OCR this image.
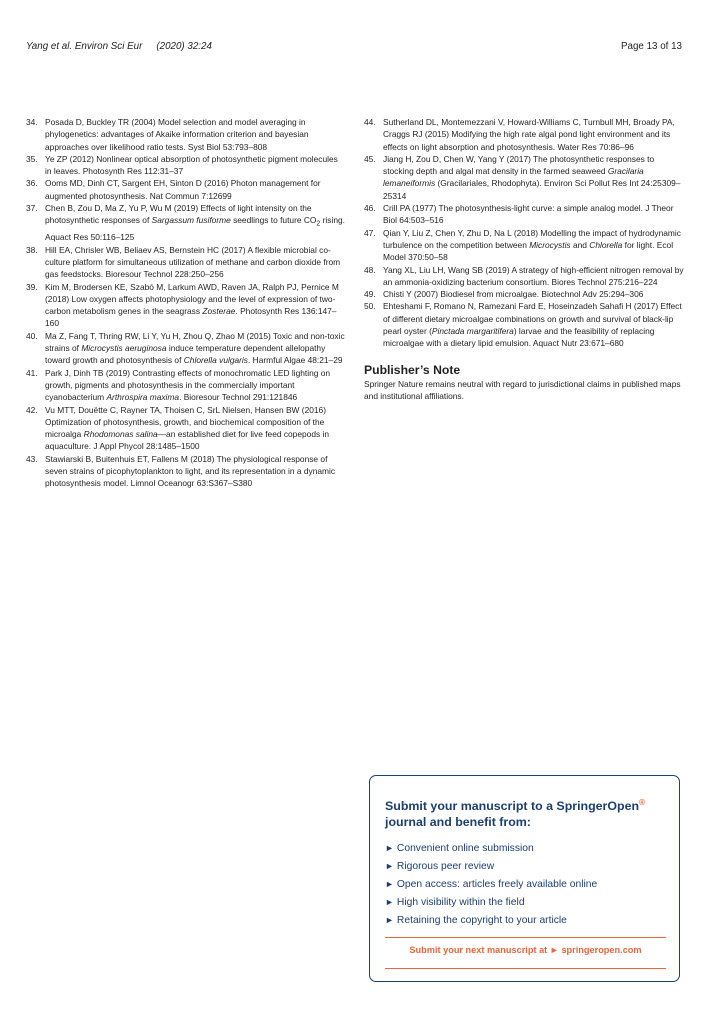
Yang et al. Environ Sci Eur (2020) 32:24	Page 13 of 13
34. Posada D, Buckley TR (2004) Model selection and model averaging in phylogenetics: advantages of Akaike information criterion and bayesian approaches over likelihood ratio tests. Syst Biol 53:793–808
35. Ye ZP (2012) Nonlinear optical absorption of photosynthetic pigment molecules in leaves. Photosynth Res 112:31–37
36. Ooms MD, Dinh CT, Sargent EH, Sinton D (2016) Photon management for augmented photosynthesis. Nat Commun 7:12699
37. Chen B, Zou D, Ma Z, Yu P, Wu M (2019) Effects of light intensity on the photosynthetic responses of Sargassum fusiforme seedlings to future $CO_2$ rising. Aquact Res 50:116–125
38. Hill EA, Chrisler WB, Beliaev AS, Bernstein HC (2017) A flexible microbial co-culture platform for simultaneous utilization of methane and carbon dioxide from gas feedstocks. Bioresour Technol 228:250–256
39. Kim M, Brodersen KE, Szabó M, Larkum AWD, Raven JA, Ralph PJ, Pernice M (2018) Low oxygen affects photophysiology and the level of expression of two-carbon metabolism genes in the seagrass Zosterae. Photosynth Res 136:147–160
40. Ma Z, Fang T, Thring RW, Li Y, Yu H, Zhou Q, Zhao M (2015) Toxic and non-toxic strains of Microcystis aeruginosa induce temperature dependent allelopathy toward growth and photosynthesis of Chlorella vulgaris. Harmful Algae 48:21–29
41. Park J, Dinh TB (2019) Contrasting effects of monochromatic LED lighting on growth, pigments and photosynthesis in the commercially important cyanobacterium Arthrospira maxima. Bioresour Technol 291:121846
42. Vu MTT, Douëtte C, Rayner TA, Thoisen C, SrL Nielsen, Hansen BW (2016) Optimization of photosynthesis, growth, and biochemical composition of the microalga Rhodomonas salina—an established diet for live feed copepods in aquaculture. J Appl Phycol 28:1485–1500
43. Stawiarski B, Buitenhuis ET, Fallens M (2018) The physiological response of seven strains of picophytoplankton to light, and its representation in a dynamic photosynthesis model. Limnol Oceanogr 63:S367–S380
44. Sutherland DL, Montemezzani V, Howard-Williams C, Turnbull MH, Broady PA, Craggs RJ (2015) Modifying the high rate algal pond light environment and its effects on light absorption and photosynthesis. Water Res 70:86–96
45. Jiang H, Zou D, Chen W, Yang Y (2017) The photosynthetic responses to stocking depth and algal mat density in the farmed seaweed Gracilaria lemaneiformis (Gracilariales, Rhodophyta). Environ Sci Pollut Res Int 24:25309–25314
46. Crill PA (1977) The photosynthesis-light curve: a simple analog model. J Theor Biol 64:503–516
47. Qian Y, Liu Z, Chen Y, Zhu D, Na L (2018) Modelling the impact of hydrodynamic turbulence on the competition between Microcystis and Chlorella for light. Ecol Model 370:50–58
48. Yang XL, Liu LH, Wang SB (2019) A strategy of high-efficient nitrogen removal by an ammonia-oxidizing bacterium consortium. Biores Technol 275:216–224
49. Chisti Y (2007) Biodiesel from microalgae. Biotechnol Adv 25:294–306
50. Ehteshami F, Romano N, Ramezani Fard E, Hoseinzadeh Sahafi H (2017) Effect of different dietary microalgae combinations on growth and survival of black-lip pearl oyster (Pinctada margaritifera) larvae and the feasibility of replacing microalgae with a dietary lipid emulsion. Aquact Nutr 23:671–680
Publisher’s Note
Springer Nature remains neutral with regard to jurisdictional claims in published maps and institutional affiliations.
Submit your manuscript to a SpringerOpen®
journal and benefit from:
► Convenient online submission
► Rigorous peer review
► Open access: articles freely available online
► High visibility within the field
► Retaining the copyright to your article
Submit your next manuscript at ► springeropen.com
